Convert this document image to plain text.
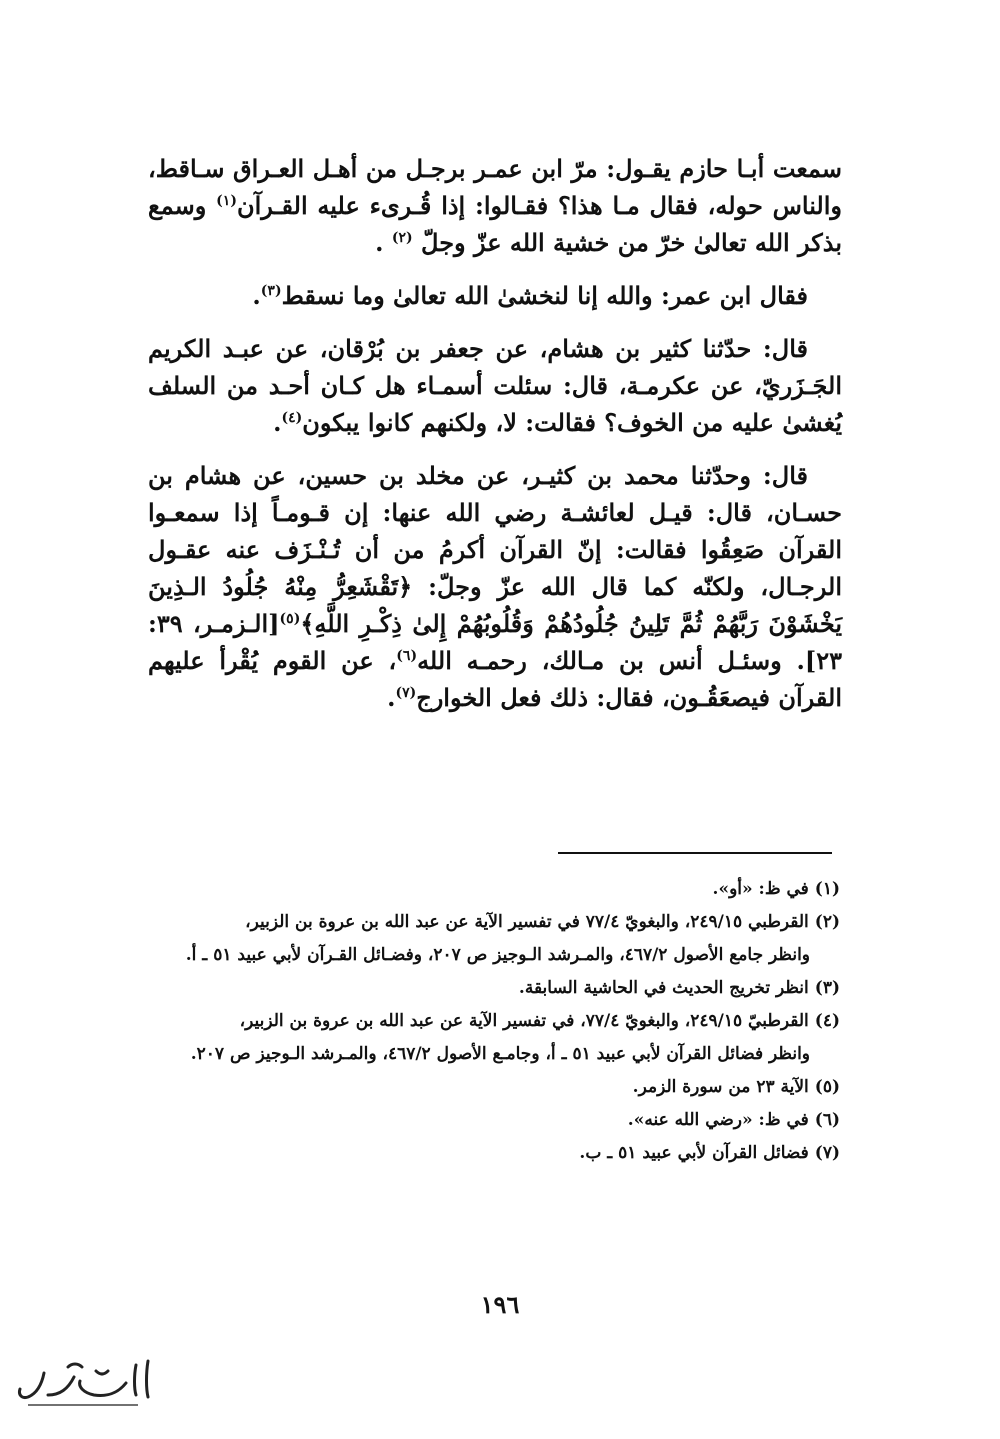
سمعت أبـا حازم يقـول: مرّ ابن عمـر برجـل من أهـل العـراق سـاقط، والناس حوله، فقال مـا هذا؟ فقـالوا: إذا قُـرىء عليه القـرآن$^{(١)}$ وسمع بذكر الله تعالىٰ خرّ من خشية الله عزّ وجلّ $^{(٢)}$ .

فقال ابن عمر: والله إنا لنخشىٰ الله تعالىٰ وما نسقط$^{(٣)}$.

قال: حدّثنا كثير بن هشام، عن جعفر بن بُرْقان، عن عبـد الكريم الجَـزَريّ، عن عكرمـة، قال: سئلت أسمـاء هل كـان أحـد من السلف يُغشىٰ عليه من الخوف؟ فقالت: لا، ولكنهم كانوا يبكون$^{(٤)}$.

قال: وحدّثنا محمد بن كثيـر، عن مخلد بن حسين، عن هشام بن حسـان، قال: قيـل لعائشـة رضي الله عنها: إن قـومـاً إذا سمعـوا القرآن صَعِقُوا فقالت: إنّ القرآن أكرمُ من أن تُـنْـزَف عنه عقـول الرجـال، ولكنّه كما قال الله عزّ وجلّ: ﴿تَقْشَعِرُّ مِنْهُ جُلُودُ الـذِينَ يَخْشَوْنَ رَبَّهُمْ ثُمَّ تَلِينُ جُلُودُهُمْ وَقُلُوبُهُمْ إِلىٰ ذِكْـرِ اللَّهِ﴾$^{(٥)}$[الـزمـر، ٣٩: ٢٣]. وسئـل أنس بن مـالك، رحمـه الله$^{(٦)}$، عن القوم يُقْرأ عليهم القرآن فيصعَقُـون، فقال: ذلك فعل الخوارج$^{(٧)}$.

(١)في ظ: «أو».

(٢)القرطبي ٢٤٩/١٥، والبغويّ ٧٧/٤ في تفسير الآية عن عبد الله بن عروة بن الزبير،
وانظر جامع الأصول ٤٦٧/٢، والمـرشد الـوجيز ص ٢٠٧، وفضـائل القـرآن لأبي عبيد ٥١ ـ أ.

(٣)انظر تخريج الحديث في الحاشية السابقة.

(٤)القرطبيّ ٢٤٩/١٥، والبغويّ ٧٧/٤، في تفسير الآية عن عبد الله بن عروة بن الزبير،
وانظر فضائل القرآن لأبي عبيد ٥١ ـ أ، وجامـع الأصول ٤٦٧/٢، والمـرشد الـوجيز ص ٢٠٧.

(٥)الآية ٢٣ من سورة الزمر.

(٦)في ظ: «رضي الله عنه».

(٧)فضائل القرآن لأبي عبيد ٥١ ـ ب.

١٩٦
